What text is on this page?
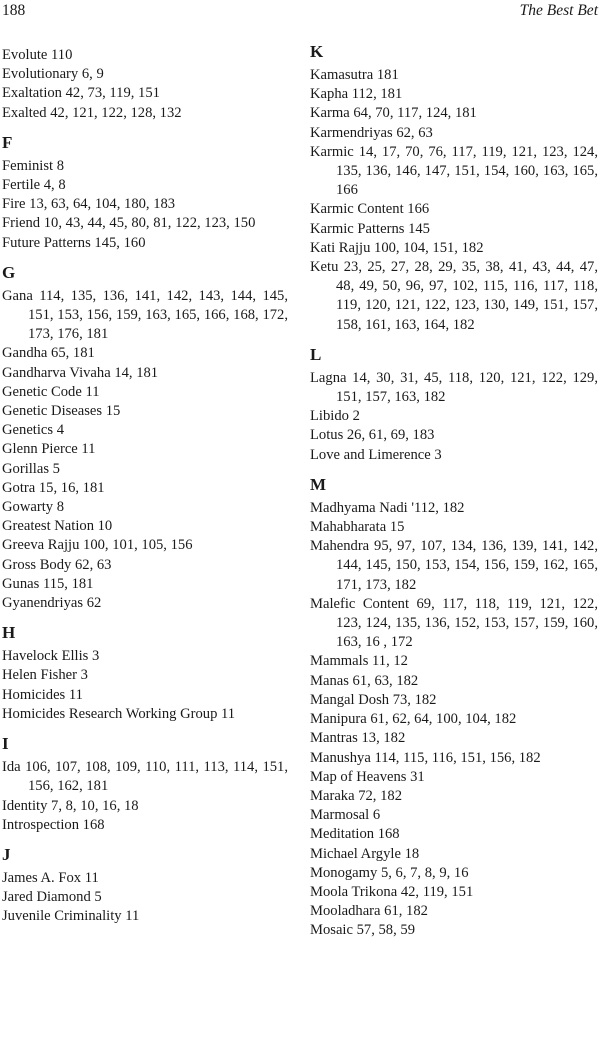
188	The Best Bet
Evolute 110
Evolutionary 6, 9
Exaltation 42, 73, 119, 151
Exalted 42, 121, 122, 128, 132
F
Feminist 8
Fertile 4, 8
Fire 13, 63, 64, 104, 180, 183
Friend 10, 43, 44, 45, 80, 81, 122, 123, 150
Future Patterns 145, 160
G
Gana 114, 135, 136, 141, 142, 143, 144, 145, 151, 153, 156, 159, 163, 165, 166, 168, 172, 173, 176, 181
Gandha 65, 181
Gandharva Vivaha 14, 181
Genetic Code 11
Genetic Diseases 15
Genetics 4
Glenn Pierce 11
Gorillas 5
Gotra 15, 16, 181
Gowarty 8
Greatest Nation 10
Greeva Rajju 100, 101, 105, 156
Gross Body 62, 63
Gunas 115, 181
Gyanendriyas 62
H
Havelock Ellis 3
Helen Fisher 3
Homicides 11
Homicides Research Working Group 11
I
Ida 106, 107, 108, 109, 110, 111, 113, 114, 151, 156, 162, 181
Identity 7, 8, 10, 16, 18
Introspection 168
J
James A. Fox 11
Jared Diamond 5
Juvenile Criminality 11
K
Kamasutra 181
Kapha 112, 181
Karma 64, 70, 117, 124, 181
Karmendriyas 62, 63
Karmic 14, 17, 70, 76, 117, 119, 121, 123, 124, 135, 136, 146, 147, 151, 154, 160, 163, 165, 166
Karmic Content 166
Karmic Patterns 145
Kati Rajju 100, 104, 151, 182
Ketu 23, 25, 27, 28, 29, 35, 38, 41, 43, 44, 47, 48, 49, 50, 96, 97, 102, 115, 116, 117, 118, 119, 120, 121, 122, 123, 130, 149, 151, 157, 158, 161, 163, 164, 182
L
Lagna 14, 30, 31, 45, 118, 120, 121, 122, 129, 151, 157, 163, 182
Libido 2
Lotus 26, 61, 69, 183
Love and Limerence 3
M
Madhyama Nadi '112, 182
Mahabharata 15
Mahendra 95, 97, 107, 134, 136, 139, 141, 142, 144, 145, 150, 153, 154, 156, 159, 162, 165, 171, 173, 182
Malefic Content 69, 117, 118, 119, 121, 122, 123, 124, 135, 136, 152, 153, 157, 159, 160, 163, 16 , 172
Mammals 11, 12
Manas 61, 63, 182
Mangal Dosh 73, 182
Manipura 61, 62, 64, 100, 104, 182
Mantras 13, 182
Manushya 114, 115, 116, 151, 156, 182
Map of Heavens 31
Maraka 72, 182
Marmosal 6
Meditation 168
Michael Argyle 18
Monogamy 5, 6, 7, 8, 9, 16
Moola Trikona 42, 119, 151
Mooladhara 61, 182
Mosaic 57, 58, 59
